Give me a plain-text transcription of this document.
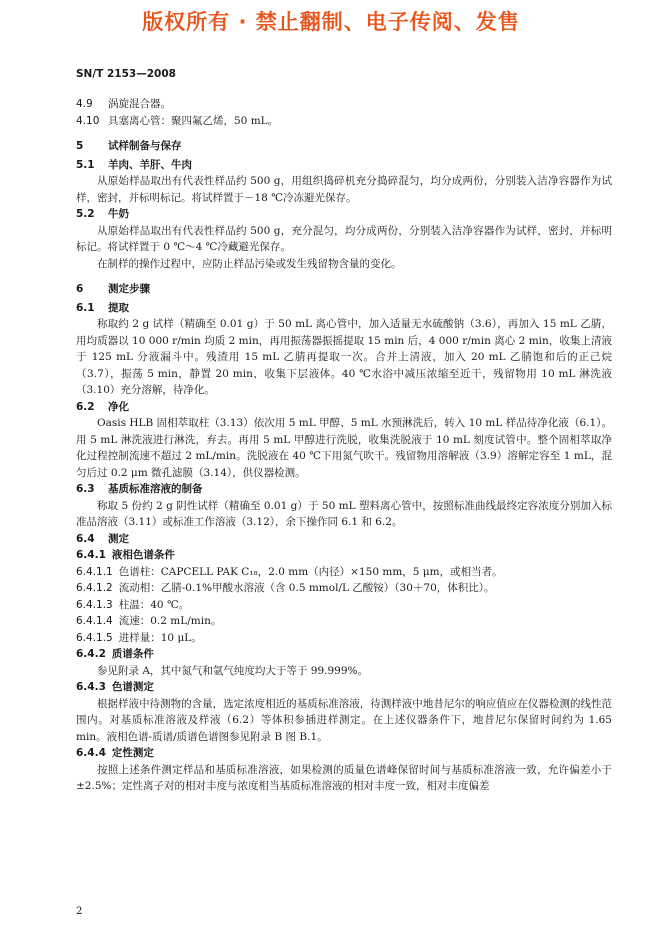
版权所有 · 禁止翻制、电子传阅、发售
SN/T 2153—2008
4.9	涡旋混合器。
4.10 具塞离心管：聚四氟乙烯，50 mL。
5	试样制备与保存
5.1	羊肉、羊肝、牛肉
从原始样品取出有代表性样品约 500 g，用组织捣碎机充分捣碎混匀，均分成两份，分别装入洁净容器作为试样，密封，并标明标记。将试样置于－18 ℃冷冻避光保存。
5.2	牛奶
从原始样品取出有代表性样品约 500 g，充分混匀，均分成两份，分别装入洁净容器作为试样，密封，并标明标记。将试样置于 0 ℃～4 ℃冷藏避光保存。
在制样的操作过程中，应防止样品污染或发生残留物含量的变化。
6	测定步骤
6.1	提取
称取约 2 g 试样（精确至 0.01 g）于 50 mL 离心管中，加入适量无水硫酸钠（3.6），再加入 15 mL 乙腈，用均质器以 10 000 r/min 均质 2 min，再用振荡器振摇提取 15 min 后，4 000 r/min 离心 2 min，收集上清液于 125 mL 分液漏斗中。残渣用 15 mL 乙腈再提取一次。合并上清液，加入 20 mL 乙腈饱和后的正己烷（3.7），振荡 5 min，静置 20 min，收集下层液体。40 ℃水浴中减压浓缩至近干，残留物用 10 mL 淋洗液（3.10）充分溶解，待净化。
6.2	净化
Oasis HLB 固相萃取柱（3.13）依次用 5 mL 甲醇、5 mL 水预淋洗后，转入 10 mL 样品待净化液（6.1）。用 5 mL 淋洗液进行淋洗，弃去。再用 5 mL 甲醇进行洗脱，收集洗脱液于 10 mL 刻度试管中。整个固相萃取净化过程控制流速不超过 2 mL/min。洗脱液在 40 ℃下用氮气吹干。残留物用溶解液（3.9）溶解定容至 1 mL，混匀后过 0.2 μm 微孔滤膜（3.14），供仪器检测。
6.3	基质标准溶液的制备
称取 5 份约 2 g 阴性试样（精确至 0.01 g）于 50 mL 塑料离心管中，按照标准曲线最终定容浓度分别加入标准品溶液（3.11）或标准工作溶液（3.12），余下操作同 6.1 和 6.2。
6.4	测定
6.4.1 液相色谱条件
6.4.1.1 色谱柱：CAPCELL PAK C₁₈，2.0 mm（内径）×150 mm，5 μm，或相当者。
6.4.1.2 流动相：乙腈-0.1%甲酸水溶液（含 0.5 mmol/L 乙酸铵）（30＋70，体积比）。
6.4.1.3 柱温：40 ℃。
6.4.1.4 流速：0.2 mL/min。
6.4.1.5 进样量：10 μL。
6.4.2 质谱条件
参见附录 A，其中氮气和氩气纯度均大于等于 99.999%。
6.4.3 色谱测定
根据样液中待测物的含量，选定浓度相近的基质标准溶液，待测样液中地昔尼尔的响应值应在仪器检测的线性范围内。对基质标准溶液及样液（6.2）等体积参插进样测定。在上述仪器条件下，地昔尼尔保留时间约为 1.65 min。液相色谱-质谱/质谱色谱图参见附录 B 图 B.1。
6.4.4 定性测定
按照上述条件测定样品和基质标准溶液，如果检测的质量色谱峰保留时间与基质标准溶液一致，允许偏差小于±2.5%；定性离子对的相对丰度与浓度相当基质标准溶液的相对丰度一致，相对丰度偏差
2
